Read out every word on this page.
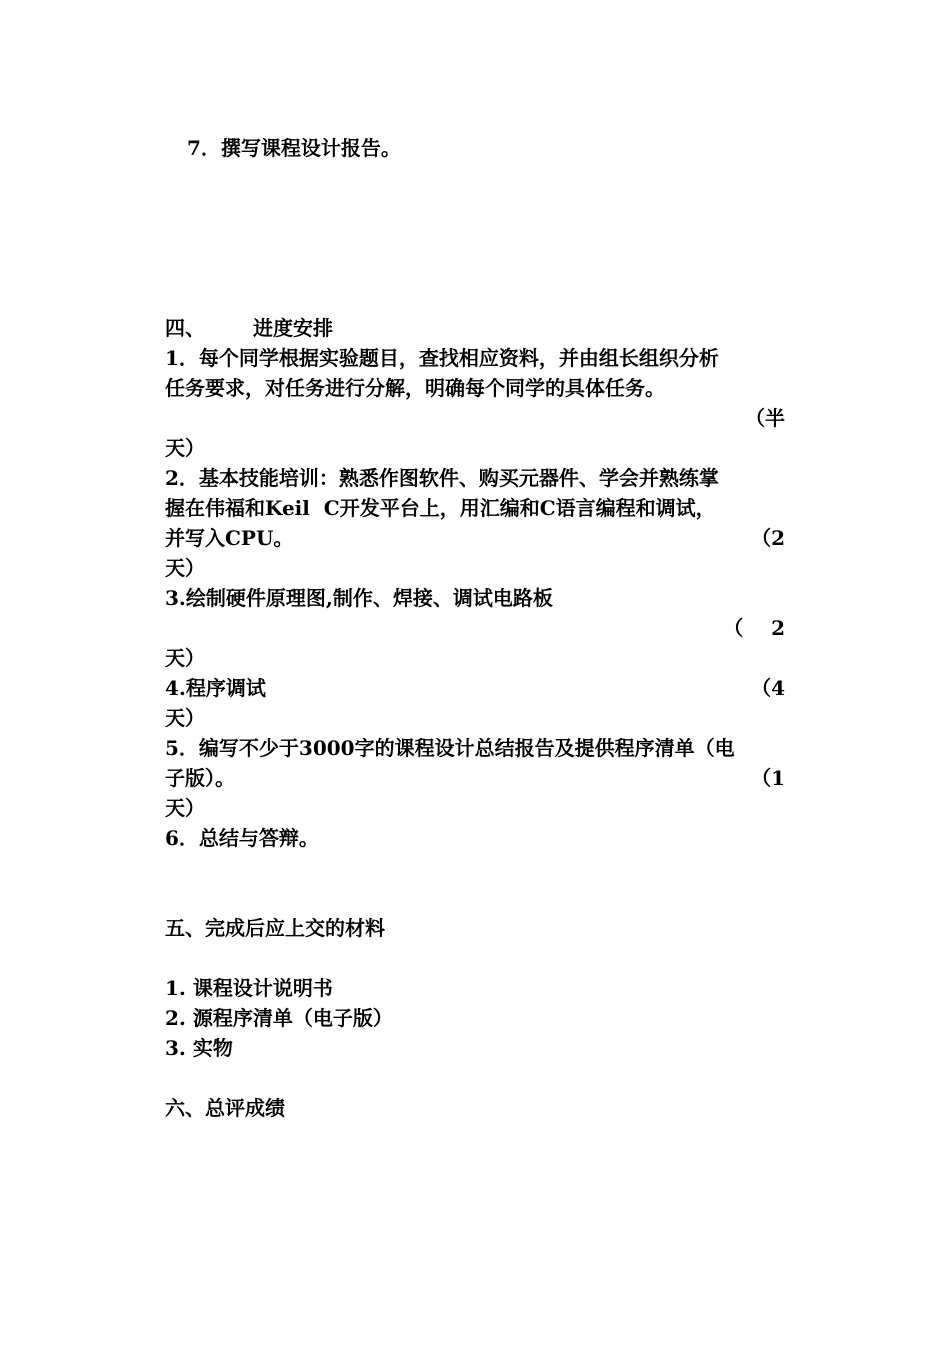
7．撰写课程设计报告。
四、 进度安排
1．每个同学根据实验题目，查找相应资料，并由组长组织分析
任务要求，对任务进行分解，明确每个同学的具体任务。
（半
天）
2．基本技能培训：熟悉作图软件、购买元器件、学会并熟练掌
握在伟福和Keil  C开发平台上，用汇编和C语言编程和调试，
并写入CPU。	（2
天）
3.绘制硬件原理图,制作、焊接、调试电路板
（    2
天）
4.程序调试	（4
天）
5．编写不少于3000字的课程设计总结报告及提供程序清单（电
子版）。	（1
天）
6．总结与答辩。
五、完成后应上交的材料
1. 课程设计说明书
2. 源程序清单（电子版）
3. 实物
六、总评成绩
